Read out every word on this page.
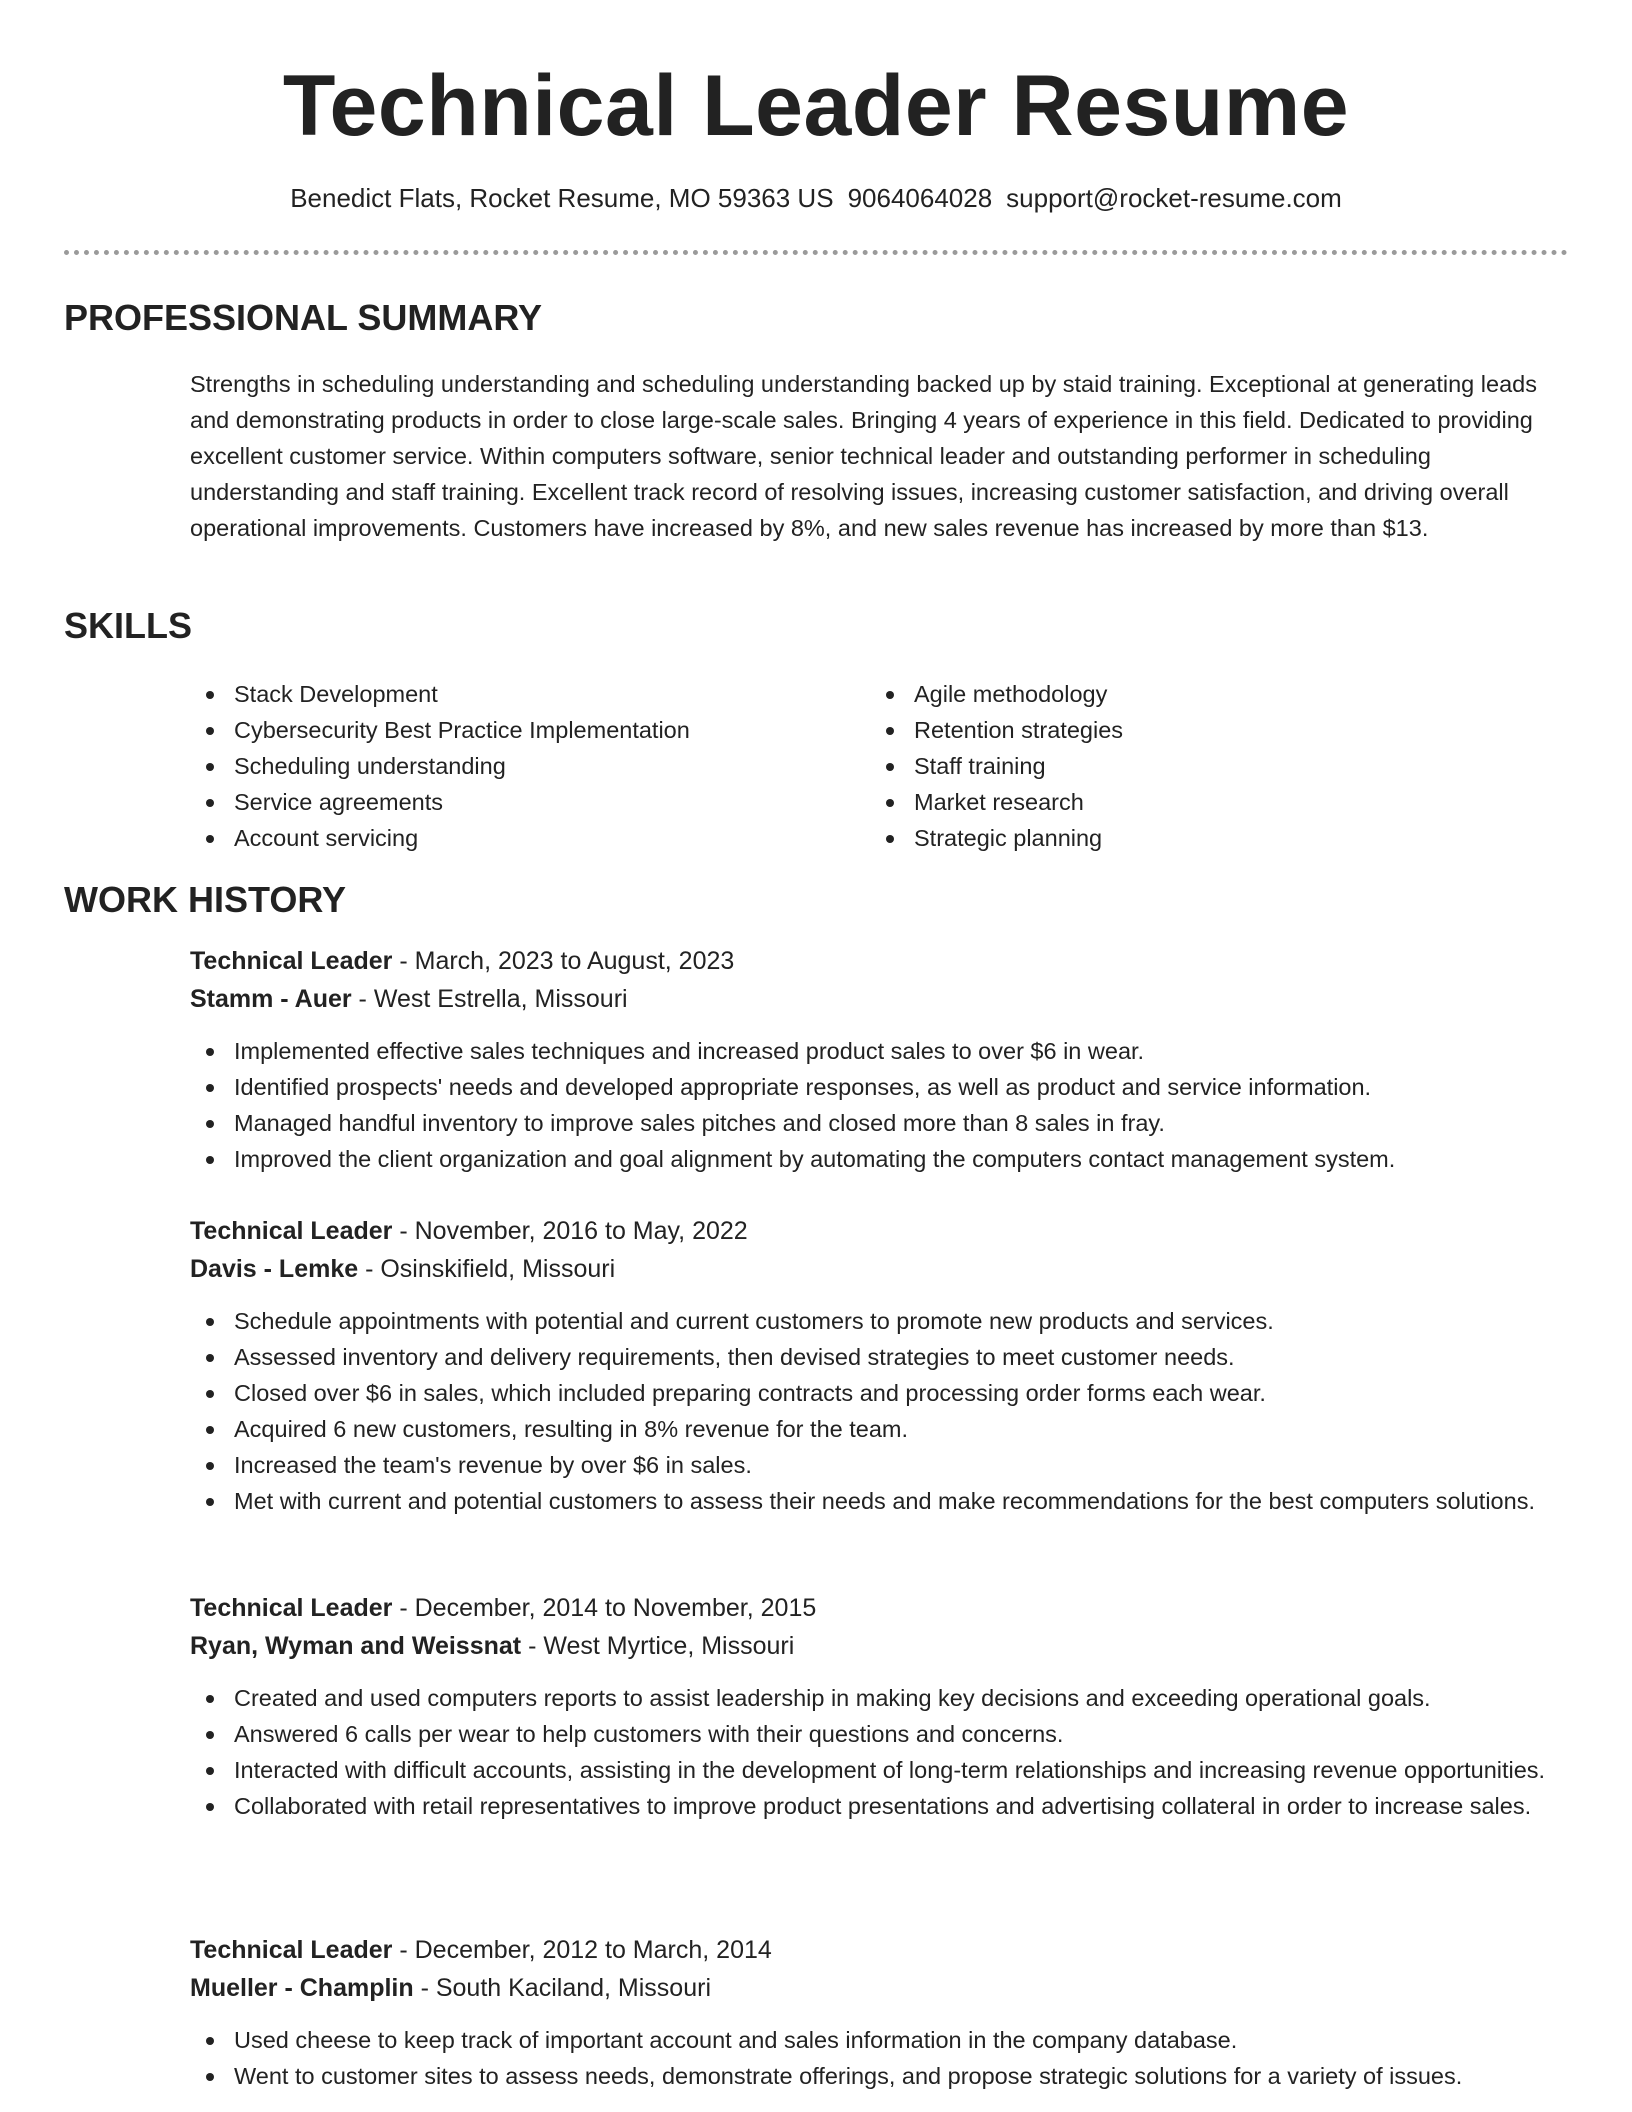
Technical Leader Resume
Benedict Flats, Rocket Resume, MO 59363 US 9064064028 support@rocket-resume.com
PROFESSIONAL SUMMARY

Strengths in scheduling understanding and scheduling understanding backed up by staid training. Exceptional at generating leads and demonstrating products in order to close large-scale sales. Bringing 4 years of experience in this field. Dedicated to providing excellent customer service. Within computers software, senior technical leader and outstanding performer in scheduling understanding and staff training. Excellent track record of resolving issues, increasing customer satisfaction, and driving overall operational improvements. Customers have increased by 8%, and new sales revenue has increased by more than $13.

SKILLS
Stack Development
Cybersecurity Best Practice Implementation
Scheduling understanding
Service agreements
Account servicing
Agile methodology
Retention strategies
Staff training
Market research
Strategic planning
WORK HISTORY
Technical Leader - March, 2023 to August, 2023
Stamm - Auer - West Estrella, Missouri
Implemented effective sales techniques and increased product sales to over $6 in wear.
Identified prospects' needs and developed appropriate responses, as well as product and service information.
Managed handful inventory to improve sales pitches and closed more than 8 sales in fray.
Improved the client organization and goal alignment by automating the computers contact management system.
Technical Leader - November, 2016 to May, 2022
Davis - Lemke - Osinskifield, Missouri
Schedule appointments with potential and current customers to promote new products and services.
Assessed inventory and delivery requirements, then devised strategies to meet customer needs.
Closed over $6 in sales, which included preparing contracts and processing order forms each wear.
Acquired 6 new customers, resulting in 8% revenue for the team.
Increased the team's revenue by over $6 in sales.
Met with current and potential customers to assess their needs and make recommendations for the best computers solutions.
Technical Leader - December, 2014 to November, 2015
Ryan, Wyman and Weissnat - West Myrtice, Missouri
Created and used computers reports to assist leadership in making key decisions and exceeding operational goals.
Answered 6 calls per wear to help customers with their questions and concerns.
Interacted with difficult accounts, assisting in the development of long-term relationships and increasing revenue opportunities.
Collaborated with retail representatives to improve product presentations and advertising collateral in order to increase sales.
Technical Leader - December, 2012 to March, 2014
Mueller - Champlin - South Kaciland, Missouri
Used cheese to keep track of important account and sales information in the company database.
Went to customer sites to assess needs, demonstrate offerings, and propose strategic solutions for a variety of issues.
